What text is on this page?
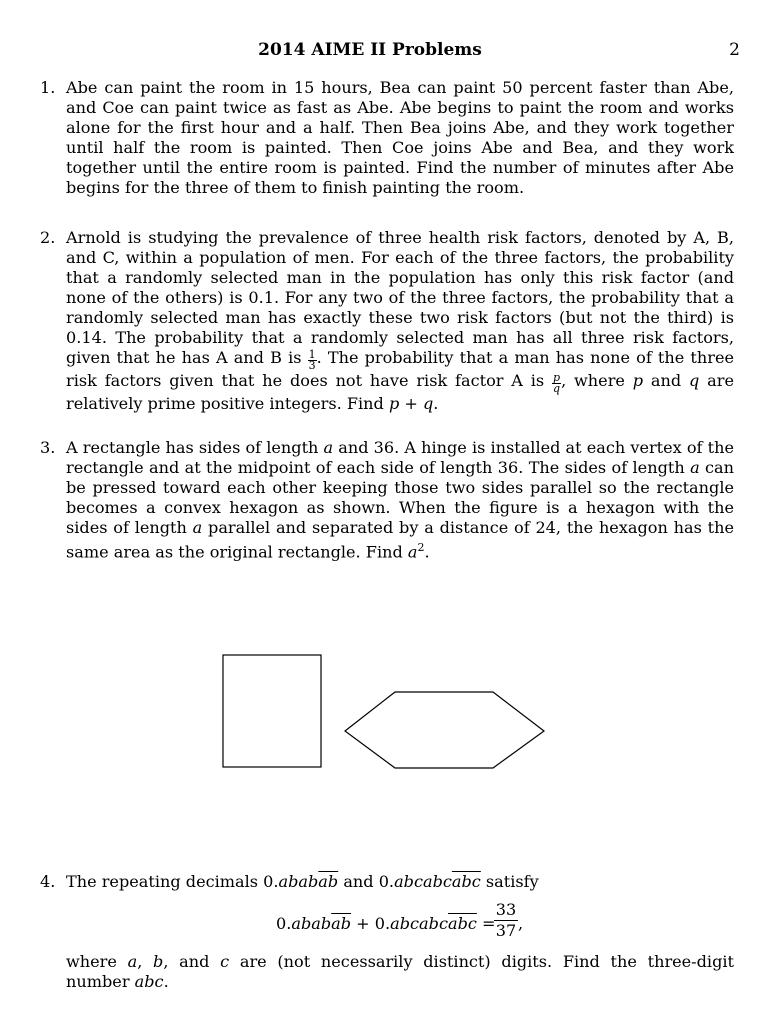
2014 AIME II Problems	2
1. Abe can paint the room in 15 hours, Bea can paint 50 percent faster than Abe, and Coe can paint twice as fast as Abe. Abe begins to paint the room and works alone for the first hour and a half. Then Bea joins Abe, and they work together until half the room is painted. Then Coe joins Abe and Bea, and they work together until the entire room is painted. Find the number of minutes after Abe begins for the three of them to finish painting the room.
2. Arnold is studying the prevalence of three health risk factors, denoted by A, B, and C, within a population of men. For each of the three factors, the probability that a randomly selected man in the population has only this risk factor (and none of the others) is 0.1. For any two of the three factors, the probability that a randomly selected man has exactly these two risk factors (but not the third) is 0.14. The probability that a randomly selected man has all three risk factors, given that he has A and B is $\frac{1}{3}$ . The probability that a man has none of the three risk factors given that he does not have risk factor A is $\frac{p}{q}$ , where p and q are relatively prime positive integers. Find p + q.
3. A rectangle has sides of length a and 36. A hinge is installed at each vertex of the rectangle and at the midpoint of each side of length 36. The sides of length a can be pressed toward each other keeping those two sides parallel so the rectangle becomes a convex hexagon as shown. When the figure is a hexagon with the sides of length a parallel and separated by a distance of 24, the hexagon has the same area as the original rectangle. Find $a^2$.
4. The repeating decimals $0.abab\overline{ab}$ and $0.abcabc\overline{abc}$ satisfy
$0.abab\overline{ab}$ + $0.abcabc\overline{abc}$ =
33
37 ,
where a, b, and c are (not necessarily distinct) digits. Find the three-digit number abc.
